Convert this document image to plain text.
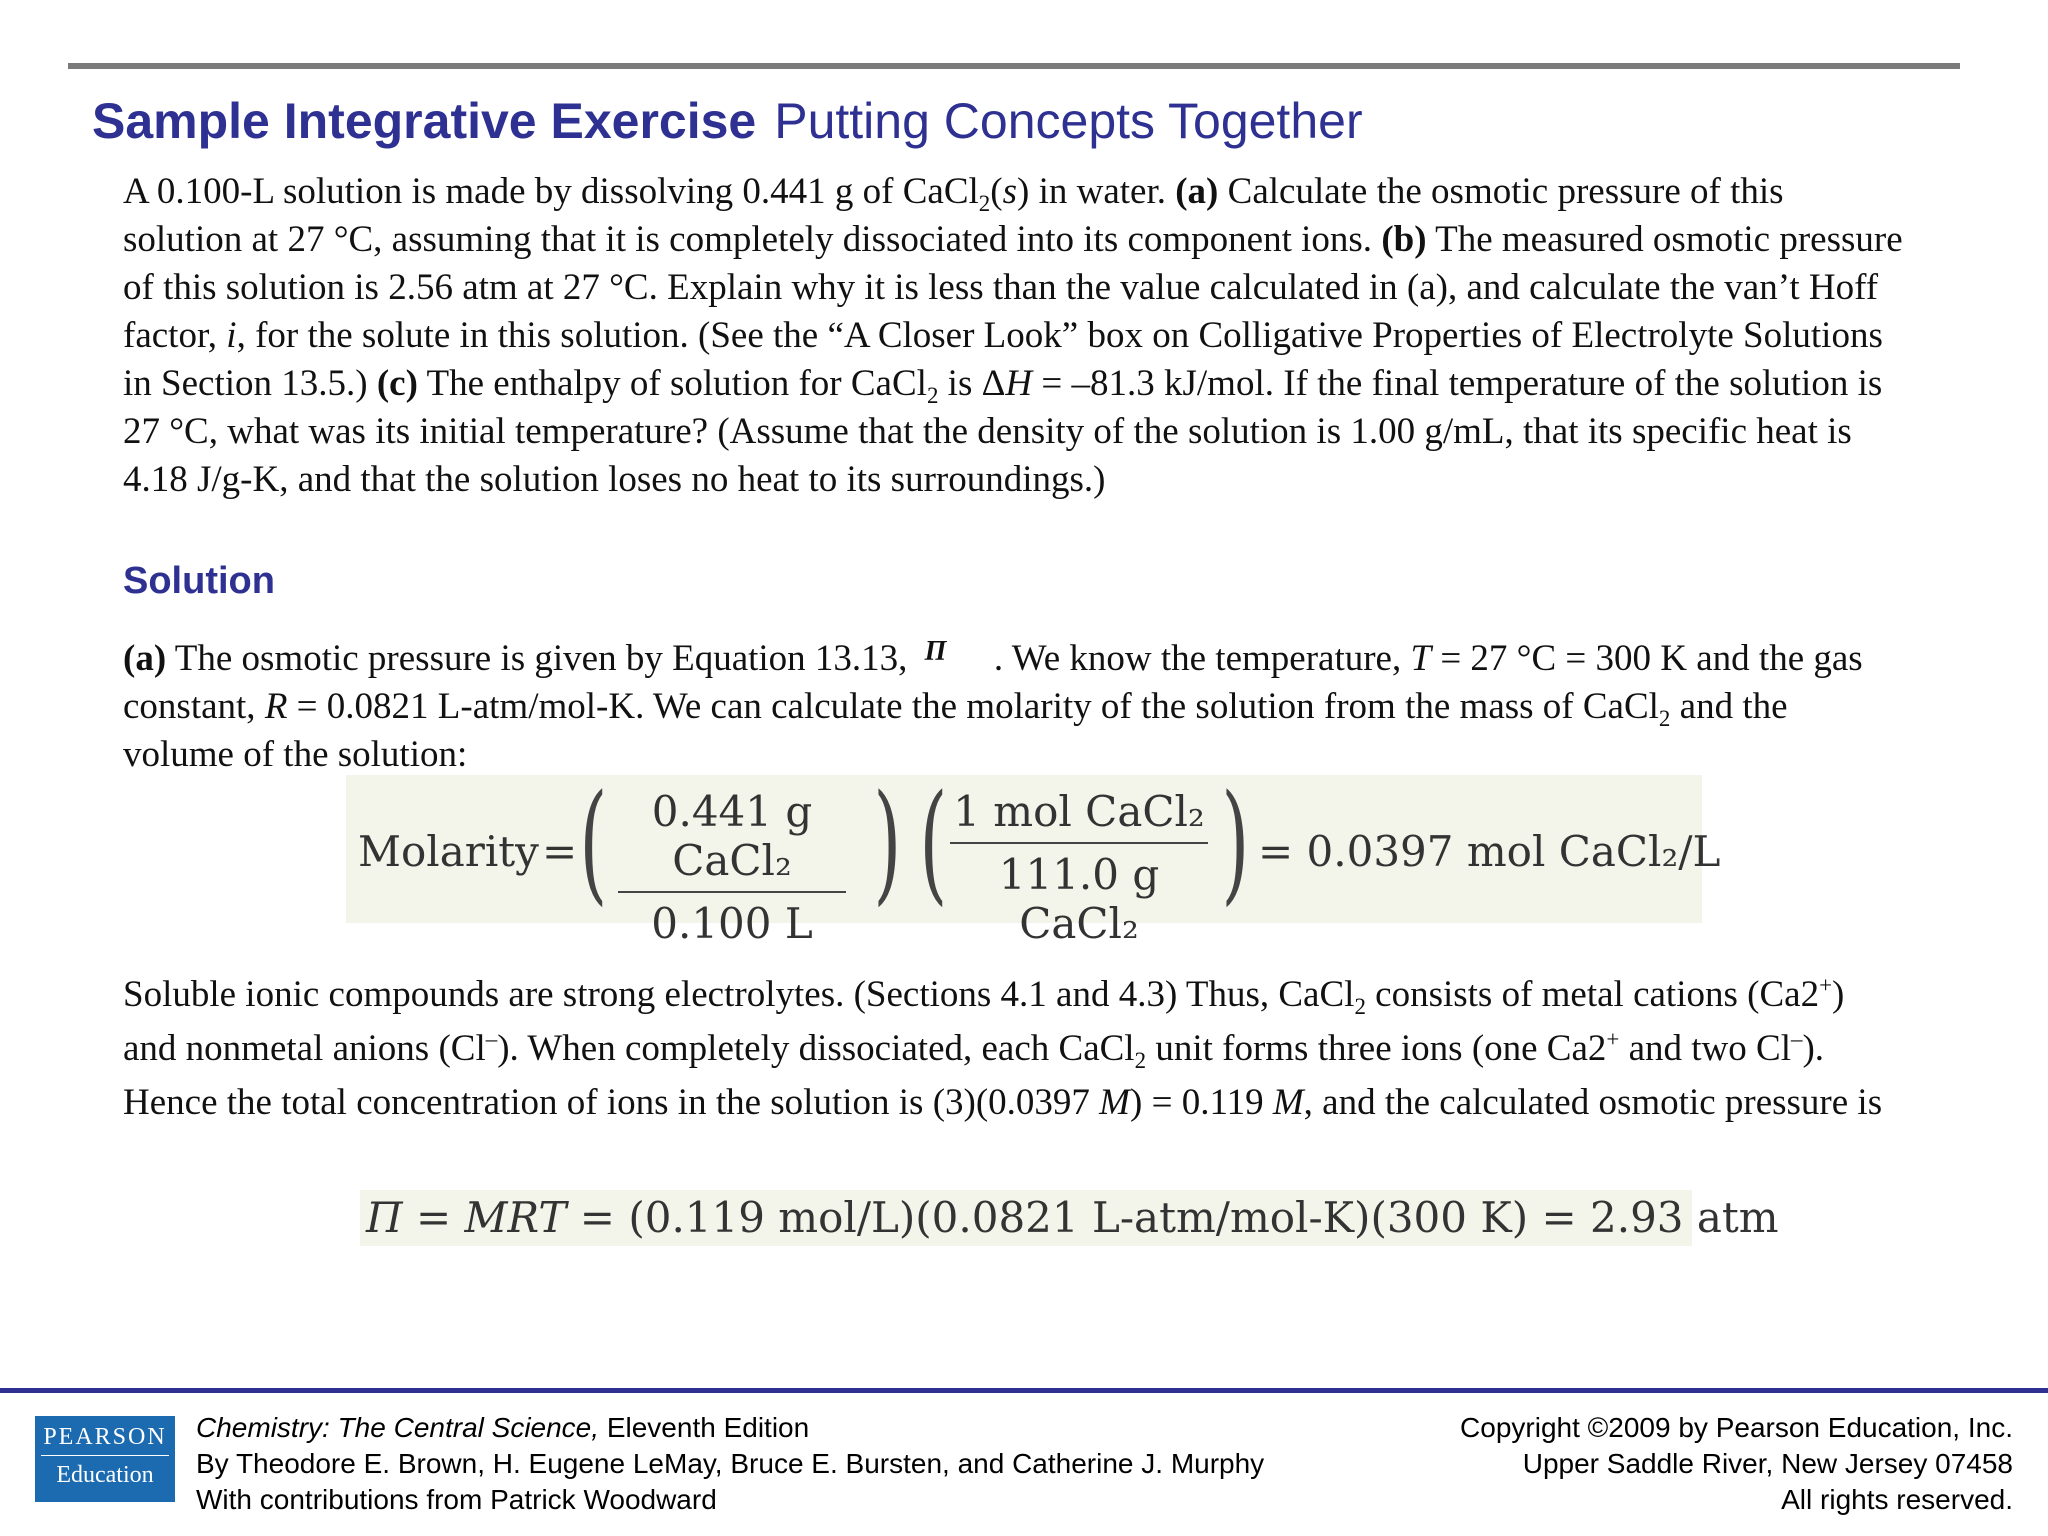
Sample Integrative Exercise Putting Concepts Together
A 0.100-L solution is made by dissolving 0.441 g of CaCl$_2$(s) in water. (a) Calculate the osmotic pressure of this solution at 27 °C, assuming that it is completely dissociated into its component ions. (b) The measured osmotic pressure of this solution is 2.56 atm at 27 °C. Explain why it is less than the value calculated in (a), and calculate the van’t Hoff factor, i, for the solute in this solution. (See the “A Closer Look” box on Colligative Properties of Electrolyte Solutions in Section 13.5.) (c) The enthalpy of solution for CaCl$_2$ is ΔH = –81.3 kJ/mol. If the final temperature of the solution is 27 °C, what was its initial temperature? (Assume that the density of the solution is 1.00 g/mL, that its specific heat is 4.18 J/g-K, and that the solution loses no heat to its surroundings.)
Solution
(a) The osmotic pressure is given by Equation 13.13, Π . We know the temperature, T = 27 °C = 300 K and the gas constant, R = 0.0821 L-atm/mol-K. We can calculate the molarity of the solution from the mass of CaCl$_2$ and the volume of the solution:
Molarity = (	0.441 g CaCl₂
0.100 L
) ( 1 mol CaCl₂
111.0 g CaCl₂
) = 0.0397 mol CaCl₂/L
Soluble ionic compounds are strong electrolytes. (Sections 4.1 and 4.3) Thus, CaCl$_2$ consists of metal cations (Ca2+) and nonmetal anions (Cl–). When completely dissociated, each CaCl$_2$ unit forms three ions (one Ca2+ and two Cl–). Hence the total concentration of ions in the solution is (3)(0.0397 M) = 0.119 M, and the calculated osmotic pressure is
Π = MRT = (0.119 mol/L)(0.0821 L-atm/mol-K)(300 K) = 2.93 atm
PEARSON
Education
Chemistry: The Central Science, Eleventh Edition
By Theodore E. Brown, H. Eugene LeMay, Bruce E. Bursten, and Catherine J. Murphy
With contributions from Patrick Woodward
Copyright ©2009 by Pearson Education, Inc.
Upper Saddle River, New Jersey 07458
All rights reserved.
